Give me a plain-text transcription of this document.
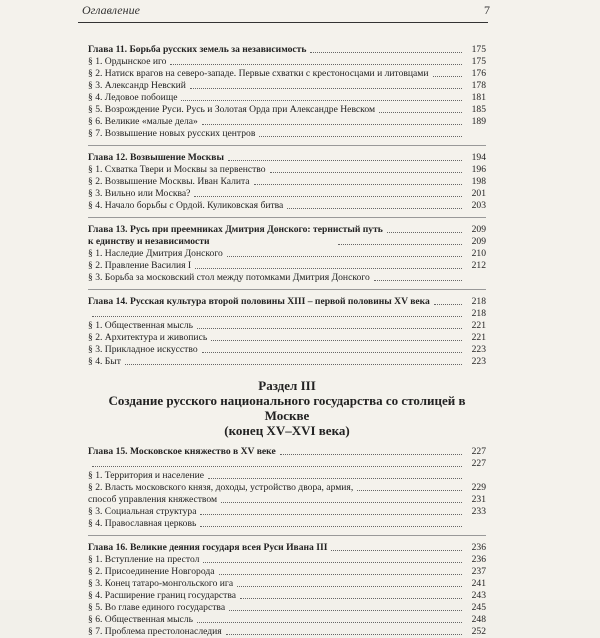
Оглавление	7
Глава 11. Борьба русских земель за независимость	175
§ 1. Ордынское иго	175
§ 2. Натиск врагов на северо-западе. Первые схватки с крестоносцами и литовцами	176
§ 3. Александр Невский	178
§ 4. Ледовое побоище	181
§ 5. Возрождение Руси. Русь и Золотая Орда при Александре Невском	185
§ 6. Великие «малые дела»	189
§ 7. Возвышение новых русских центров
Глава 12. Возвышение Москвы	194
§ 1. Схватка Твери и Москвы за первенство	196
§ 2. Возвышение Москвы. Иван Калита	198
§ 3. Вильно или Москва?	201
§ 4. Начало борьбы с Ордой. Куликовская битва	203
Глава 13. Русь при преемниках Дмитрия Донского: тернистый путь	209
к единству и независимости	209
§ 1. Наследие Дмитрия Донского	210
§ 2. Правление Василия I	212
§ 3. Борьба за московский стол между потомками Дмитрия Донского
Глава 14. Русская культура второй половины XIII – первой половины XV века	218
218
§ 1. Общественная мысль	221
§ 2. Архитектура и живопись	221
§ 3. Прикладное искусство	223
§ 4. Быт	223
Раздел III
Создание русского национального государства со столицей в Москве
(конец XV–XVI века)
Глава 15. Московское княжество в XV веке	227
227
§ 1. Территория и население
§ 2. Власть московского князя, доходы, устройство двора, армия,	229
способ управления княжеством	231
§ 3. Социальная структура	233
§ 4. Православная церковь
Глава 16. Великие деяния государя всея Руси Ивана III	236
§ 1. Вступление на престол	236
§ 2. Присоединение Новгорода	237
§ 3. Конец татаро-монгольского ига	241
§ 4. Расширение границ государства	243
§ 5. Во главе единого государства	245
§ 6. Общественная мысль	248
§ 7. Проблема престолонаследия	252
